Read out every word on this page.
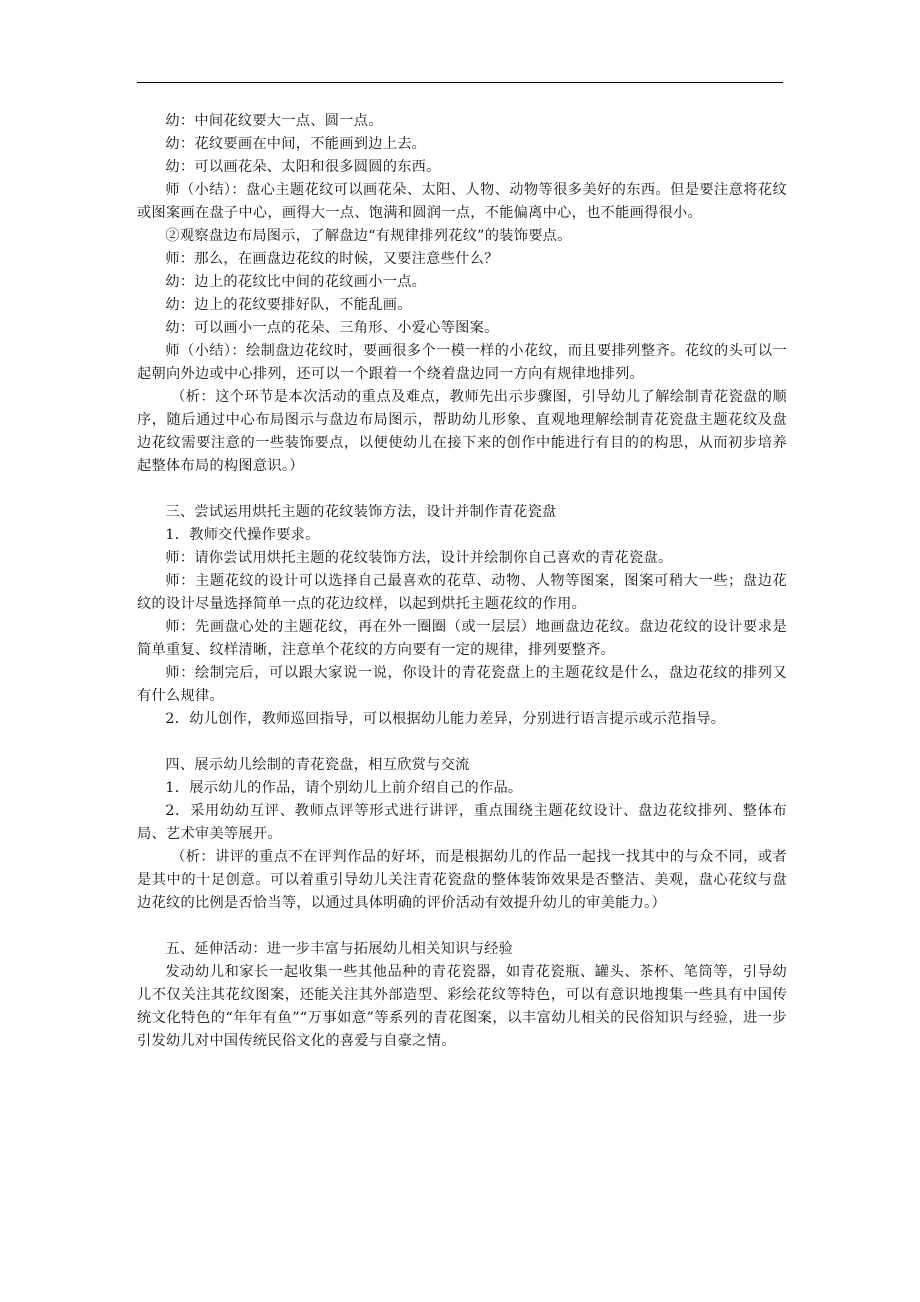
幼：中间花纹要大一点、圆一点。

幼：花纹要画在中间，不能画到边上去。

幼：可以画花朵、太阳和很多圆圆的东西。

师（小结）：盘心主题花纹可以画花朵、太阳、人物、动物等很多美好的东西。但是要注意将花纹或图案画在盘子中心，画得大一点、饱满和圆润一点，不能偏离中心，也不能画得很小。

②观察盘边布局图示，了解盘边“有规律排列花纹”的装饰要点。

师：那么，在画盘边花纹的时候，又要注意些什么？

幼：边上的花纹比中间的花纹画小一点。

幼：边上的花纹要排好队，不能乱画。

幼：可以画小一点的花朵、三角形、小爱心等图案。

师（小结）：绘制盘边花纹时，要画很多个一模一样的小花纹，而且要排列整齐。花纹的头可以一起朝向外边或中心排列，还可以一个跟着一个绕着盘边同一方向有规律地排列。

（析：这个环节是本次活动的重点及难点，教师先出示步骤图，引导幼儿了解绘制青花瓷盘的顺序，随后通过中心布局图示与盘边布局图示，帮助幼儿形象、直观地理解绘制青花瓷盘主题花纹及盘边花纹需要注意的一些装饰要点，以便使幼儿在接下来的创作中能进行有目的的构思，从而初步培养起整体布局的构图意识。）

三、尝试运用烘托主题的花纹装饰方法，设计并制作青花瓷盘

1．教师交代操作要求。

师：请你尝试用烘托主题的花纹装饰方法，设计并绘制你自己喜欢的青花瓷盘。

师：主题花纹的设计可以选择自己最喜欢的花草、动物、人物等图案，图案可稍大一些；盘边花纹的设计尽量选择简单一点的花边纹样，以起到烘托主题花纹的作用。

师：先画盘心处的主题花纹，再在外一圈圈（或一层层）地画盘边花纹。盘边花纹的设计要求是简单重复、纹样清晰，注意单个花纹的方向要有一定的规律，排列要整齐。

师：绘制完后，可以跟大家说一说，你设计的青花瓷盘上的主题花纹是什么，盘边花纹的排列又有什么规律。

2．幼儿创作，教师巡回指导，可以根据幼儿能力差异，分别进行语言提示或示范指导。

四、展示幼儿绘制的青花瓷盘，相互欣赏与交流

1．展示幼儿的作品，请个别幼儿上前介绍自己的作品。

2．采用幼幼互评、教师点评等形式进行讲评，重点围绕主题花纹设计、盘边花纹排列、整体布局、艺术审美等展开。

（析：讲评的重点不在评判作品的好坏，而是根据幼儿的作品一起找一找其中的与众不同，或者是其中的十足创意。可以着重引导幼儿关注青花瓷盘的整体装饰效果是否整洁、美观，盘心花纹与盘边花纹的比例是否恰当等，以通过具体明确的评价活动有效提升幼儿的审美能力。）

五、延伸活动：进一步丰富与拓展幼儿相关知识与经验

发动幼儿和家长一起收集一些其他品种的青花瓷器，如青花瓷瓶、罐头、茶杯、笔筒等，引导幼儿不仅关注其花纹图案，还能关注其外部造型、彩绘花纹等特色，可以有意识地搜集一些具有中国传统文化特色的“年年有鱼”“万事如意”等系列的青花图案，以丰富幼儿相关的民俗知识与经验，进一步引发幼儿对中国传统民俗文化的喜爱与自豪之情。
